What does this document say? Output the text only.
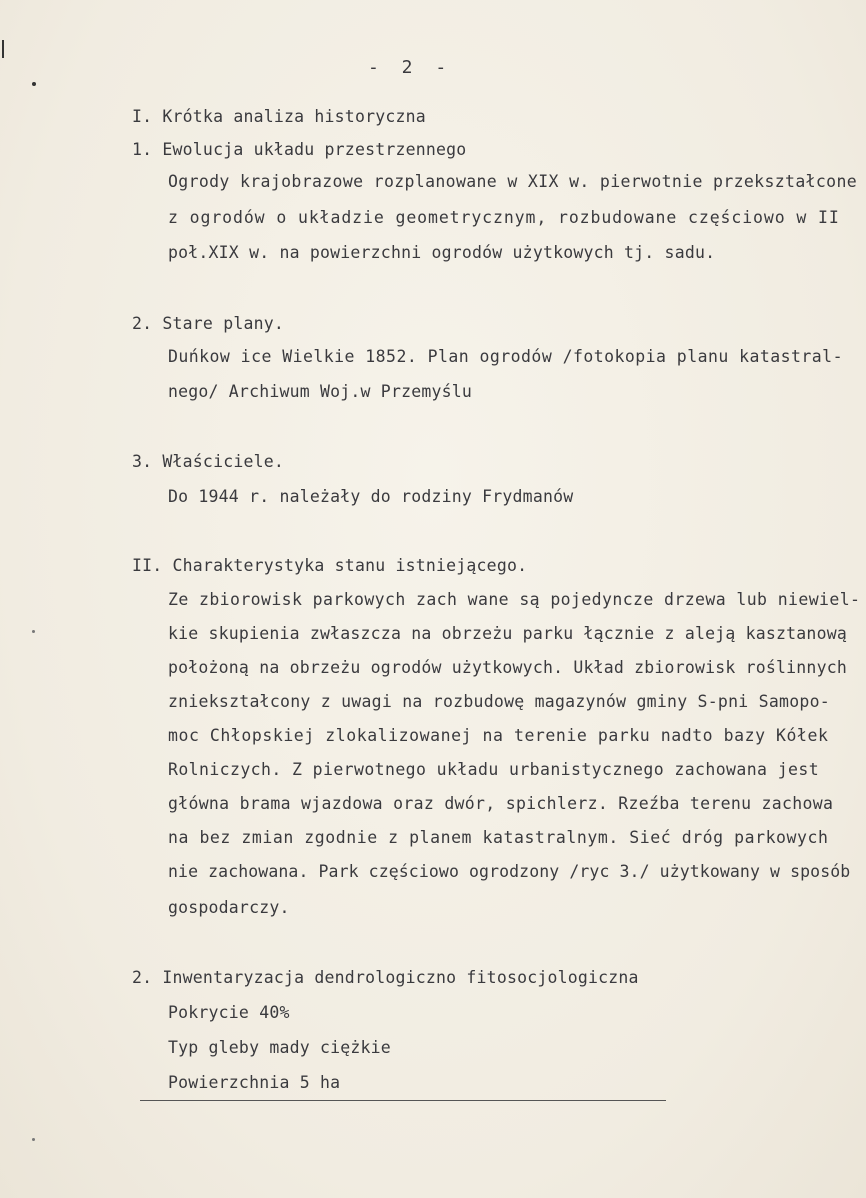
- 2 -
I. Krótka analiza historyczna
1. Ewolucja układu przestrzennego
Ogrody krajobrazowe rozplanowane w XIX w. pierwotnie przekształcone
z ogrodów o układzie geometrycznym, rozbudowane częściowo w II
poł.XIX w. na powierzchni ogrodów użytkowych tj. sadu.
2. Stare plany.
Duńkow ice Wielkie 1852. Plan ogrodów /fotokopia planu katastral-
nego/ Archiwum Woj.w Przemyślu
3. Właściciele.
Do 1944 r. należały do rodziny Frydmanów
II. Charakterystyka stanu istniejącego.
Ze zbiorowisk parkowych zach wane są pojedyncze drzewa lub niewiel-
kie skupienia zwłaszcza na obrzeżu parku łącznie z aleją kasztanową
położoną na obrzeżu ogrodów użytkowych. Układ zbiorowisk roślinnych
zniekształcony z uwagi na rozbudowę magazynów gminy S-pni Samopo-
moc Chłopskiej zlokalizowanej na terenie parku nadto bazy Kółek
Rolniczych. Z pierwotnego układu urbanistycznego zachowana jest
główna brama wjazdowa oraz dwór, spichlerz. Rzeźba terenu zachowa
na bez zmian zgodnie z planem katastralnym. Sieć dróg parkowych
nie zachowana. Park częściowo ogrodzony /ryc 3./ użytkowany w sposób
gospodarczy.
2. Inwentaryzacja dendrologiczno fitosocjologiczna
Pokrycie 40%
Typ gleby mady ciężkie
Powierzchnia 5 ha
